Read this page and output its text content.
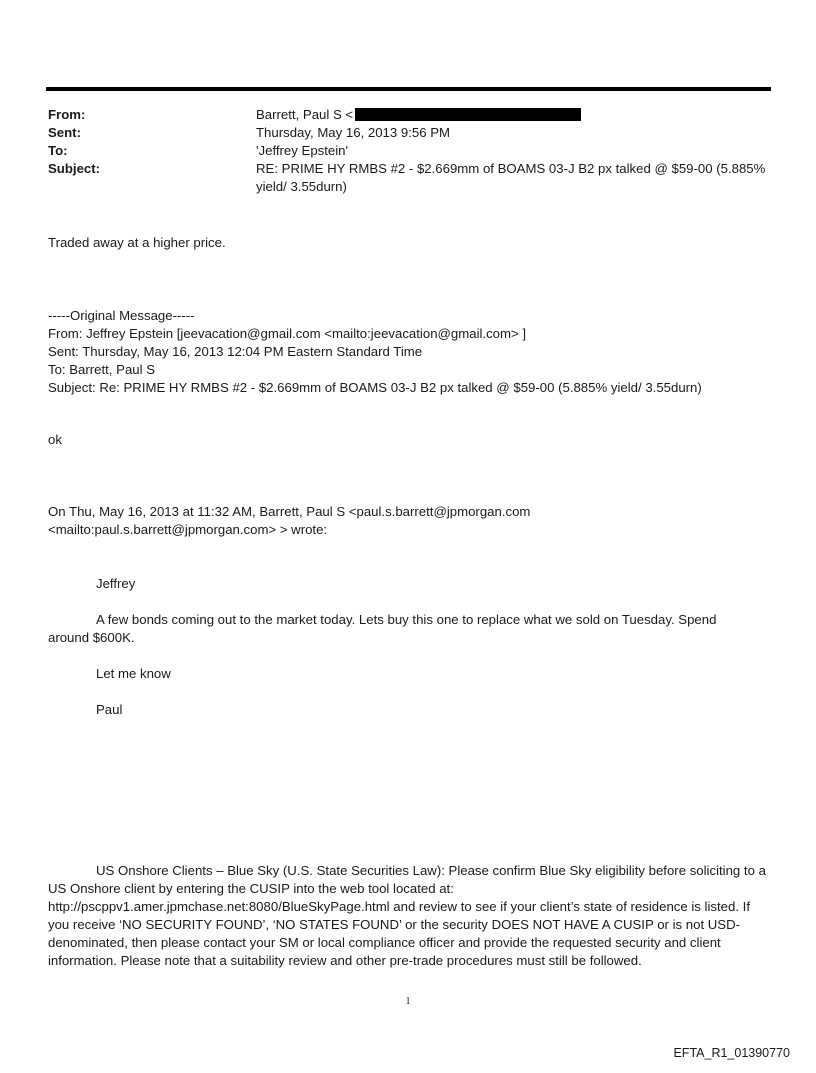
From:	Barrett, Paul S <
Sent:	Thursday, May 16, 2013 9:56 PM
To:	'Jeffrey Epstein'
Subject:	RE: PRIME HY RMBS #2 - $2.669mm of BOAMS 03-J B2 px talked @ $59-00 (5.885% yield/ 3.55durn)
Traded away at a higher price.
-----Original Message-----
From: Jeffrey Epstein [jeevacation@gmail.com <mailto:jeevacation@gmail.com> ]
Sent: Thursday, May 16, 2013 12:04 PM Eastern Standard Time
To: Barrett, Paul S
Subject: Re: PRIME HY RMBS #2 - $2.669mm of BOAMS 03-J B2 px talked @ $59-00 (5.885% yield/ 3.55durn)
ok
On Thu, May 16, 2013 at 11:32 AM, Barrett, Paul S <paul.s.barrett@jpmorgan.com
<mailto:paul.s.barrett@jpmorgan.com> > wrote:
Jeffrey

A few bonds coming out to the market today. Lets buy this one to replace what we sold on Tuesday. Spend around $600K.

Let me know
Paul

US Onshore Clients – Blue Sky (U.S. State Securities Law): Please confirm Blue Sky eligibility before soliciting to a US Onshore client by entering the CUSIP into the web tool located at: http://pscppv1.amer.jpmchase.net:8080/BlueSkyPage.html and review to see if your client’s state of residence is listed. If you receive ‘NO SECURITY FOUND’, ‘NO STATES FOUND’ or the security DOES NOT HAVE A CUSIP or is not USD-denominated, then please contact your SM or local compliance officer and provide the requested security and client information. Please note that a suitability review and other pre-trade procedures must still be followed.

1
EFTA_R1_01390770
